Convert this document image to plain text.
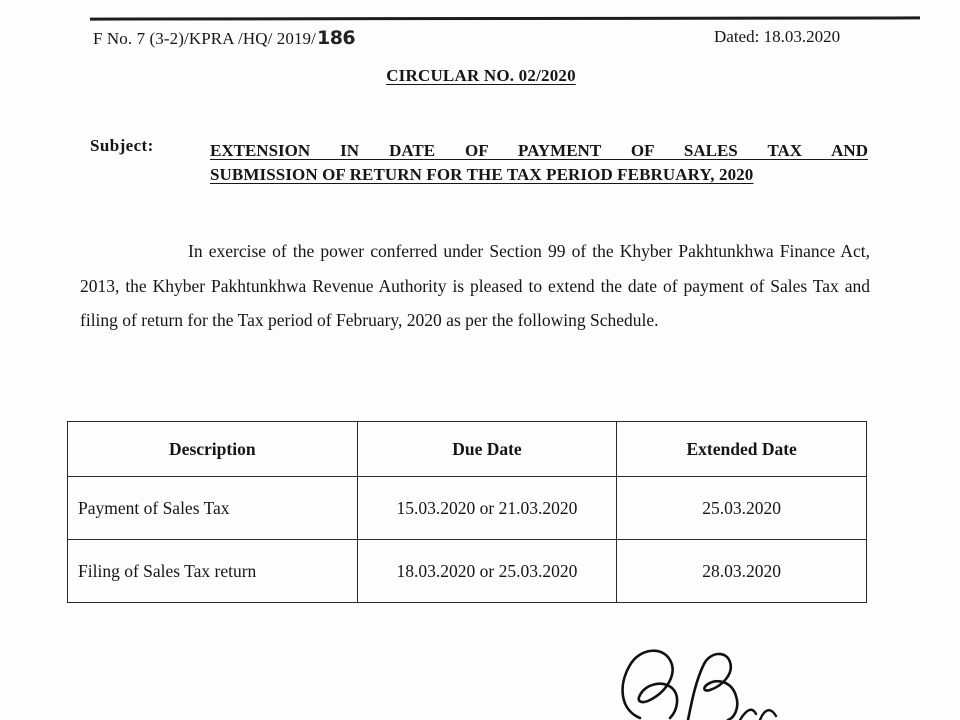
F No. 7 (3-2)/KPRA /HQ/ 2019/186	Dated: 18.03.2020
CIRCULAR NO. 02/2020
Subject:	EXTENSION IN DATE OF PAYMENT OF SALES TAX AND
SUBMISSION OF RETURN FOR THE TAX PERIOD FEBRUARY, 2020
In exercise of the power conferred under Section 99 of the Khyber Pakhtunkhwa Finance Act, 2013, the Khyber Pakhtunkhwa Revenue Authority is pleased to extend the date of payment of Sales Tax and filing of return for the Tax period of February, 2020 as per the following Schedule.
Description	Due Date	Extended Date
Payment of Sales Tax	15.03.2020 or 21.03.2020	25.03.2020
Filing of Sales Tax return	18.03.2020 or 25.03.2020	28.03.2020
